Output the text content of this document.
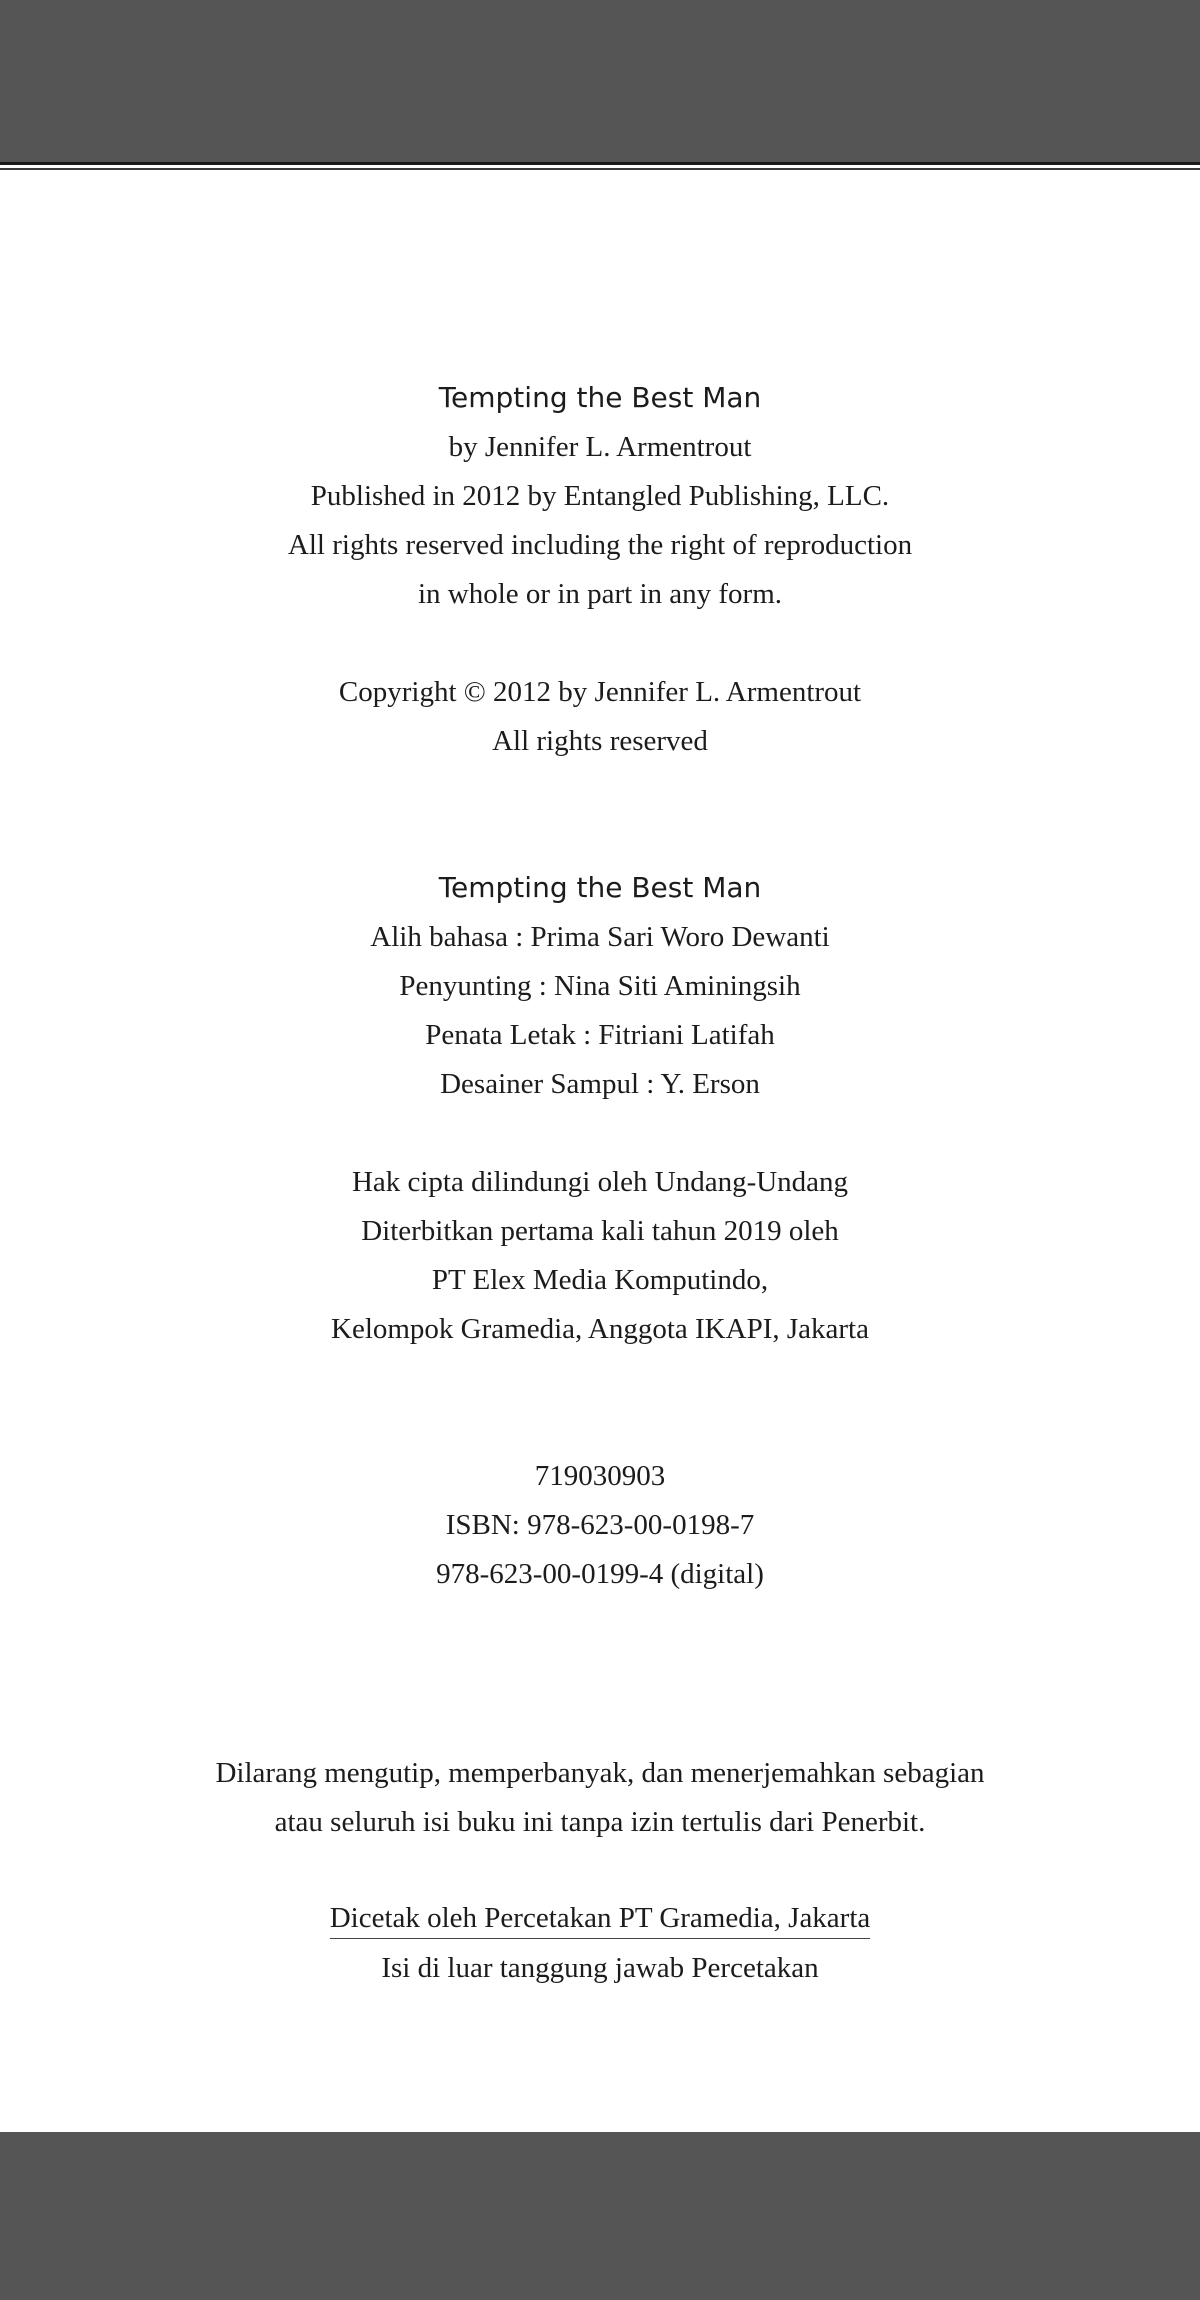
Tempting the Best Man
by Jennifer L. Armentrout
Published in 2012 by Entangled Publishing, LLC.
All rights reserved including the right of reproduction
in whole or in part in any form.
Copyright © 2012 by Jennifer L. Armentrout
All rights reserved
Tempting the Best Man
Alih bahasa : Prima Sari Woro Dewanti
Penyunting : Nina Siti Aminingsih
Penata Letak : Fitriani Latifah
Desainer Sampul : Y. Erson
Hak cipta dilindungi oleh Undang-Undang
Diterbitkan pertama kali tahun 2019 oleh
PT Elex Media Komputindo,
Kelompok Gramedia, Anggota IKAPI, Jakarta
719030903
ISBN: 978-623-00-0198-7
978-623-00-0199-4 (digital)
Dilarang mengutip, memperbanyak, dan menerjemahkan sebagian
atau seluruh isi buku ini tanpa izin tertulis dari Penerbit.
Dicetak oleh Percetakan PT Gramedia, Jakarta
Isi di luar tanggung jawab Percetakan
